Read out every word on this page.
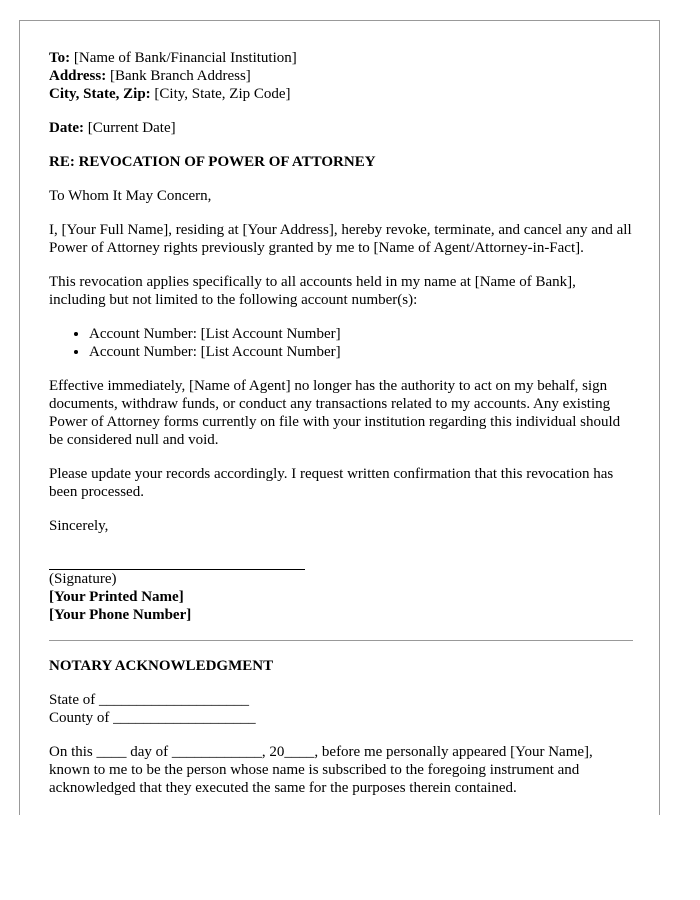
To: [Name of Bank/Financial Institution]
Address: [Bank Branch Address]
City, State, Zip: [City, State, Zip Code]

Date: [Current Date]

RE: REVOCATION OF POWER OF ATTORNEY

To Whom It May Concern,

I, [Your Full Name], residing at [Your Address], hereby revoke, terminate, and cancel any and all Power of Attorney rights previously granted by me to [Name of Agent/Attorney-in-Fact].

This revocation applies specifically to all accounts held in my name at [Name of Bank], including but not limited to the following account number(s):

• Account Number: [List Account Number]
• Account Number: [List Account Number]

Effective immediately, [Name of Agent] no longer has the authority to act on my behalf, sign documents, withdraw funds, or conduct any transactions related to my accounts. Any existing Power of Attorney forms currently on file with your institution regarding this individual should be considered null and void.

Please update your records accordingly. I request written confirmation that this revocation has been processed.

Sincerely,

(Signature)
[Your Printed Name]
[Your Phone Number]

NOTARY ACKNOWLEDGMENT

State of ____________________
County of ___________________

On this ____ day of ____________, 20____, before me personally appeared [Your Name], known to me to be the person whose name is subscribed to the foregoing instrument and acknowledged that they executed the same for the purposes therein contained.
